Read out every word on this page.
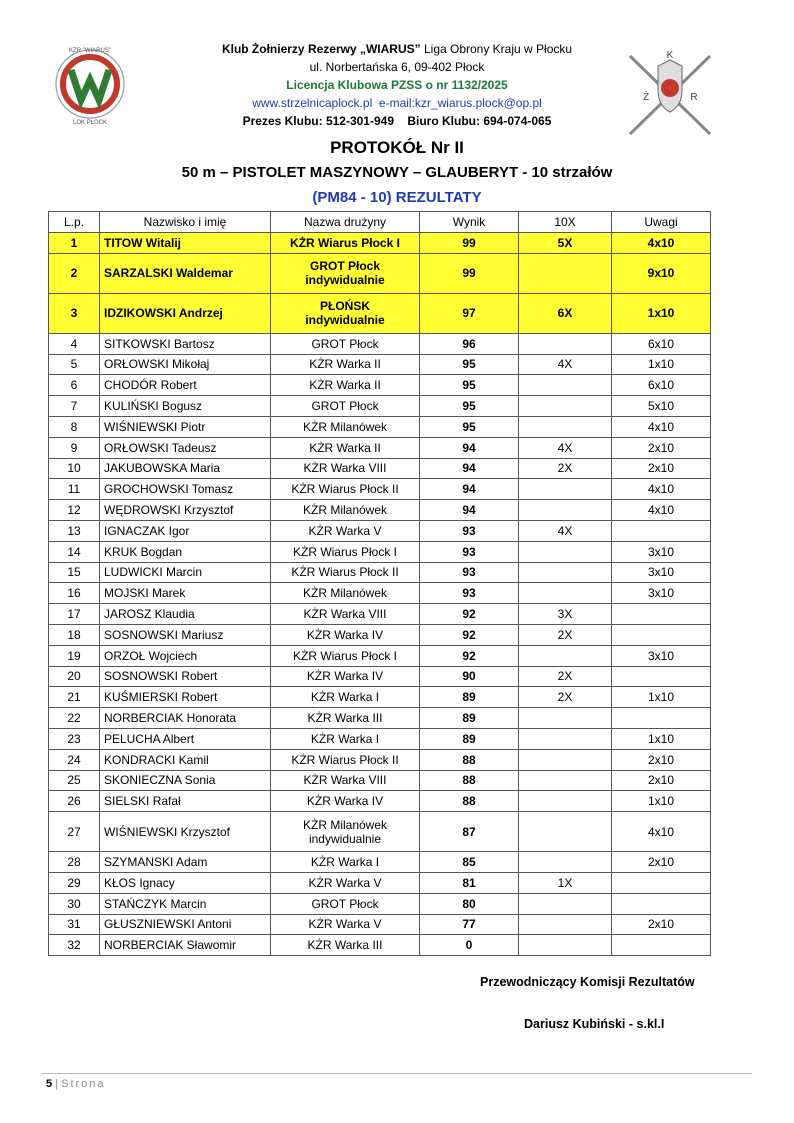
KŻR "WIARUS"
LOK PŁOCK
K
Ż	R
Klub Żołnierzy Rezerwy „WIARUS” Liga Obrony Kraju w Płocku
ul. Norbertańska 6, 09-402 Płock
Licencja Klubowa PZSS o nr 1132/2025
www.strzelnicaplock.pl e-mail:kzr_wiarus.plock@op.pl
Prezes Klubu: 512-301-949 Biuro Klubu: 694-074-065
PROTOKÓŁ Nr II
50 m – PISTOLET MASZYNOWY – GLAUBERYT - 10 strzałów
(PM84 - 10) REZULTATY
L.p.	Nazwisko i imię	Nazwa drużyny	Wynik	10X	Uwagi
1	TITOW Witalij	KŻR Wiarus Płock I	99	5X	4x10
2	SARZALSKI Waldemar	GROT Płock
indywidualnie	99		9x10
3	IDZIKOWSKI Andrzej	PŁOŃSK
indywidualnie	97	6X	1x10
4	SITKOWSKI Bartosz	GROT Płock	96		6x10
5	ORŁOWSKI Mikołaj	KŻR Warka II	95	4X	1x10
6	CHODÓR Robert	KŻR Warka II	95		6x10
7	KULIŃSKI Bogusz	GROT Płock	95		5x10
8	WIŚNIEWSKI Piotr	KŻR Milanówek	95		4x10
9	ORŁOWSKI Tadeusz	KŻR Warka II	94	4X	2x10
10	JAKUBOWSKA Maria	KŻR Warka VIII	94	2X	2x10
11	GROCHOWSKI Tomasz	KŻR Wiarus Płock II	94		4x10
12	WĘDROWSKI Krzysztof	KŻR Milanówek	94		4x10
13	IGNACZAK Igor	KŻR Warka V	93	4X	
14	KRUK Bogdan	KŻR Wiarus Płock I	93		3x10
15	LUDWICKI Marcin	KŻR Wiarus Płock II	93		3x10
16	MOJSKI Marek	KŻR Milanówek	93		3x10
17	JAROSZ Klaudia	KŻR Warka VIII	92	3X	
18	SOSNOWSKI Mariusz	KŻR Warka IV	92	2X	
19	ORZOŁ Wojciech	KŻR Wiarus Płock I	92		3x10
20	SOSNOWSKI Robert	KŻR Warka IV	90	2X	
21	KUŚMIERSKI Robert	KŻR Warka I	89	2X	1x10
22	NORBERCIAK Honorata	KŻR Warka III	89		
23	PELUCHA Albert	KŻR Warka I	89		1x10
24	KONDRACKI Kamil	KŻR Wiarus Płock II	88		2x10
25	SKONIECZNA Sonia	KŻR Warka VIII	88		2x10
26	SIELSKI Rafał	KŻR Warka IV	88		1x10
27	WIŚNIEWSKI Krzysztof	KŻR Milanówek
indywidualnie	87		4x10
28	SZYMANSKI Adam	KŻR Warka I	85		2x10
29	KŁOS Ignacy	KŻR Warka V	81	1X	
30	STAŃCZYK Marcin	GROT Płock	80		
31	GŁUSZNIEWSKI Antoni	KŻR Warka V	77		2x10
32	NORBERCIAK Sławomir	KŻR Warka III	0		
Przewodniczący Komisji Rezultatów
Dariusz Kubiński - s.kl.I
5 | Strona
